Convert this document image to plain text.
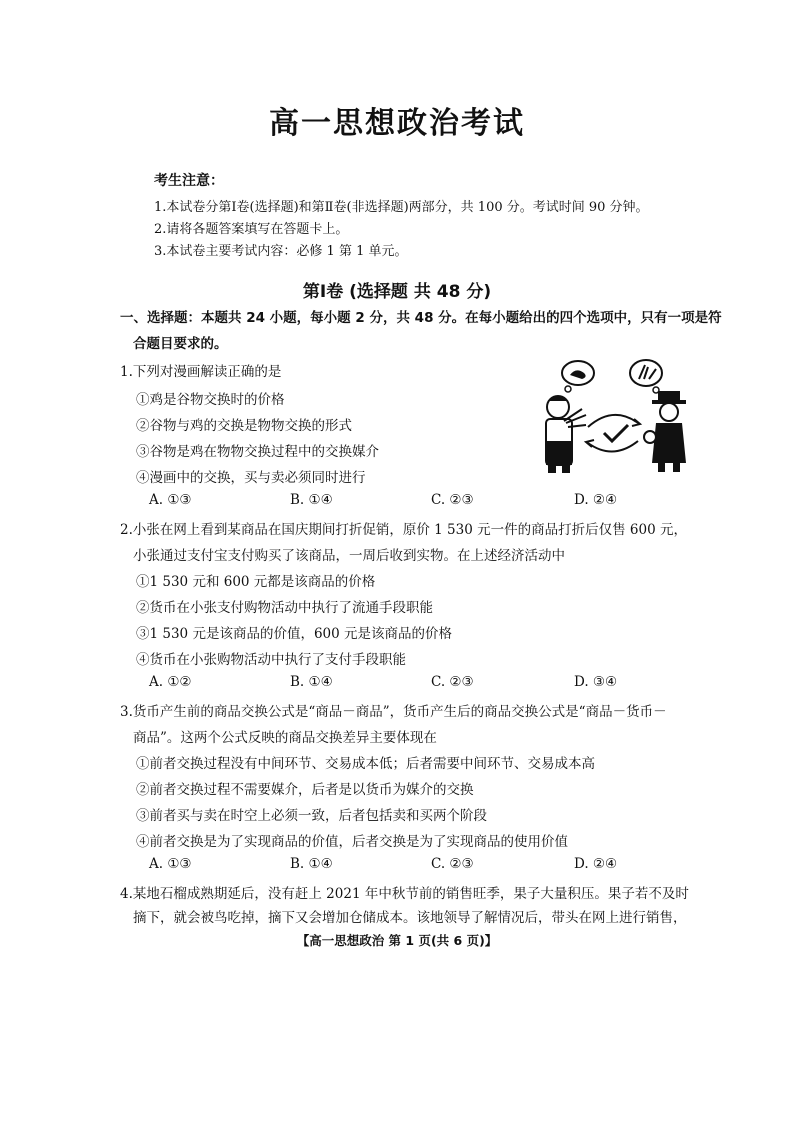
高一思想政治考试
考生注意：
1.本试卷分第Ⅰ卷(选择题)和第Ⅱ卷(非选择题)两部分，共 100 分。考试时间 90 分钟。
2.请将各题答案填写在答题卡上。
3.本试卷主要考试内容：必修 1 第 1 单元。
第Ⅰ卷 (选择题 共 48 分)
一、选择题：本题共 24 小题，每小题 2 分，共 48 分。在每小题给出的四个选项中，只有一项是符
合题目要求的。
1.下列对漫画解读正确的是
①鸡是谷物交换时的价格
②谷物与鸡的交换是物物交换的形式
③谷物是鸡在物物交换过程中的交换媒介
④漫画中的交换，买与卖必须同时进行
A. ①③	B. ①④	C. ②③	D. ②④
2.小张在网上看到某商品在国庆期间打折促销，原价 1 530 元一件的商品打折后仅售 600 元，
小张通过支付宝支付购买了该商品，一周后收到实物。在上述经济活动中
①1 530 元和 600 元都是该商品的价格
②货币在小张支付购物活动中执行了流通手段职能
③1 530 元是该商品的价值，600 元是该商品的价格
④货币在小张购物活动中执行了支付手段职能
A. ①②	B. ①④	C. ②③	D. ③④
3.货币产生前的商品交换公式是“商品－商品”，货币产生后的商品交换公式是“商品－货币－
商品”。这两个公式反映的商品交换差异主要体现在
①前者交换过程没有中间环节、交易成本低；后者需要中间环节、交易成本高
②前者交换过程不需要媒介，后者是以货币为媒介的交换
③前者买与卖在时空上必须一致，后者包括卖和买两个阶段
④前者交换是为了实现商品的价值，后者交换是为了实现商品的使用价值
A. ①③	B. ①④	C. ②③	D. ②④
4.某地石榴成熟期延后，没有赶上 2021 年中秋节前的销售旺季，果子大量积压。果子若不及时
摘下，就会被鸟吃掉，摘下又会增加仓储成本。该地领导了解情况后，带头在网上进行销售，
【高一思想政治 第 1 页(共 6 页)】
